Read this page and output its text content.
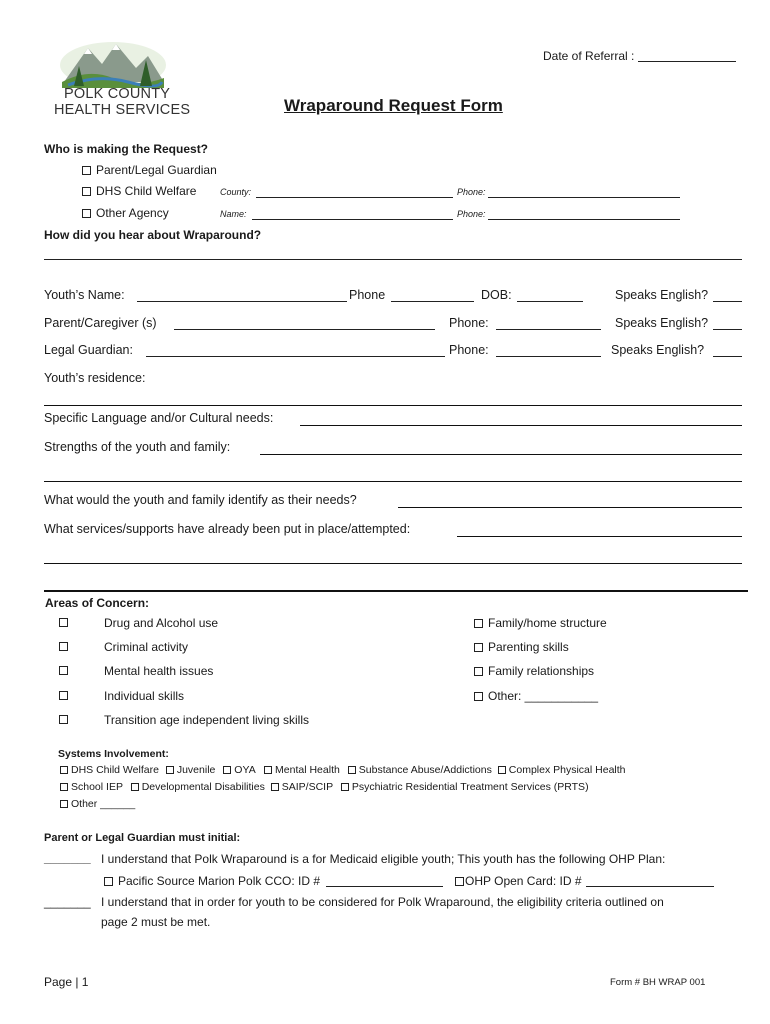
POLK COUNTY
HEALTH SERVICES
Date of Referral :
Wraparound Request Form
Who is making the Request?
Parent/Legal Guardian
DHS Child Welfare	County:	Phone:
Other Agency	Name:	Phone:
How did you hear about Wraparound?
Youth’s Name:	Phone	DOB:	Speaks English?
Parent/Caregiver (s)	Phone:	Speaks English?
Legal Guardian:	Phone:	Speaks English?
Youth’s residence:
Specific Language and/or Cultural needs:
Strengths of the youth and family:
What would the youth and family identify as their needs?
What services/supports have already been put in place/attempted:
Areas of Concern:
Drug and Alcohol use
Criminal activity
Mental health issues
Individual skills
Transition age independent living skills
Family/home structure
Parenting skills
Family relationships
Other: ___________
Systems Involvement:
DHS Child Welfare Juvenile OYA Mental Health Substance Abuse/Addictions Complex Physical Health
School IEP Developmental Disabilities SAIP/SCIP Psychiatric Residential Treatment Services (PRTS)
Other ______
Parent or Legal Guardian must initial:
_______ I understand that Polk Wraparound is a for Medicaid eligible youth; This youth has the following OHP Plan:
Pacific Source Marion Polk CCO: ID #	OHP Open Card: ID #
_______ I understand that in order for youth to be considered for Polk Wraparound, the eligibility criteria outlined on
page 2 must be met.
Page | 1	Form # BH WRAP 001
